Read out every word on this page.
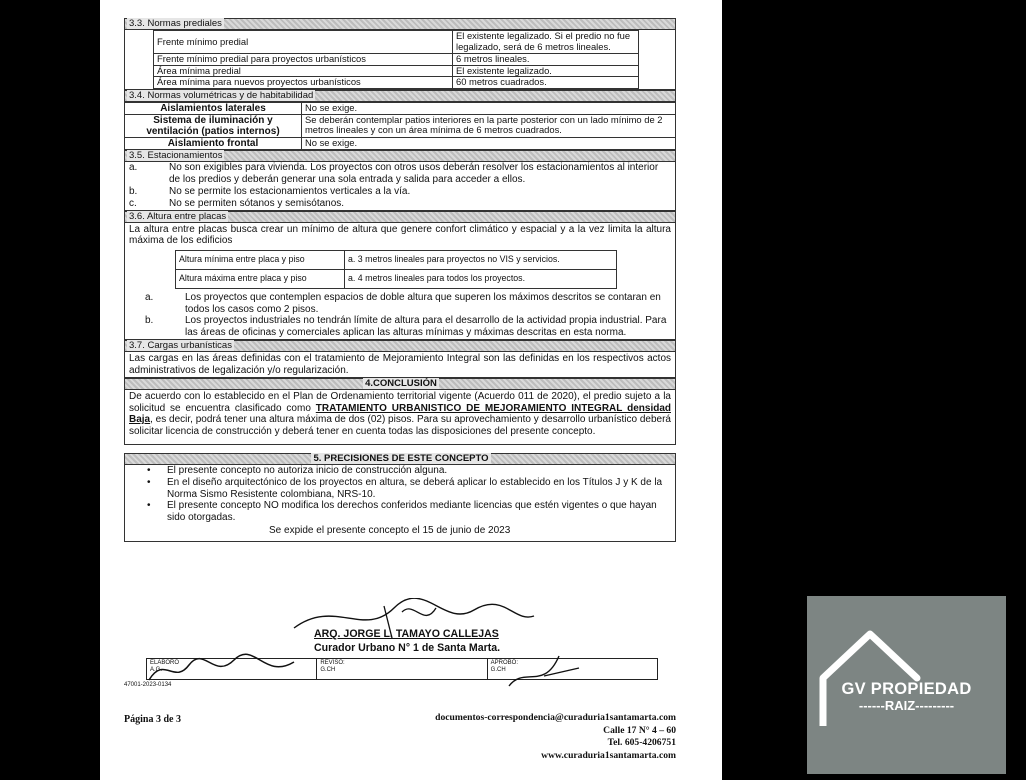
3.3. Normas prediales
Frente mínimo predial	El existente legalizado. Si el predio no fue legalizado, será de 6 metros lineales.
Frente mínimo predial para proyectos urbanísticos	6 metros lineales.
Área mínima predial	El existente legalizado.
Área mínima para nuevos proyectos urbanísticos	60 metros cuadrados.
3.4. Normas volumétricas y de habitabilidad
Aislamientos laterales	No se exige.
Sistema de iluminación y ventilación (patios internos)	Se deberán contemplar patios interiores en la parte posterior con un lado mínimo de 2 metros lineales y con un área mínima de 6 metros cuadrados.
Aislamiento frontal	No se exige.
3.5. Estacionamientos
a.	No son exigibles para vivienda. Los proyectos con otros usos deberán resolver los estacionamientos al interior de los predios y deberán generar una sola entrada y salida para acceder a ellos.
b.	No se permite los estacionamientos verticales a la vía.
c.	No se permiten sótanos y semisótanos.
3.6. Altura entre placas
La altura entre placas busca crear un mínimo de altura que genere confort climático y espacial y a la vez limita la altura máxima de los edificios
Altura mínima entre placa y piso	a. 3 metros lineales para proyectos no VIS y servicios.
Altura máxima entre placa y piso	a. 4 metros lineales para todos los proyectos.
a.	Los proyectos que contemplen espacios de doble altura que superen los máximos descritos se contaran en todos los casos como 2 pisos.
b.	Los proyectos industriales no tendrán límite de altura para el desarrollo de la actividad propia industrial. Para las áreas de oficinas y comerciales aplican las alturas mínimas y máximas descritas en esta norma.
3.7. Cargas urbanísticas
Las cargas en las áreas definidas con el tratamiento de Mejoramiento Integral son las definidas en los respectivos actos administrativos de legalización y/o regularización.
4.CONCLUSIÓN
De acuerdo con lo establecido en el Plan de Ordenamiento territorial vigente (Acuerdo 011 de 2020), el predio sujeto a la solicitud se encuentra clasificado como TRATAMIENTO URBANISTICO DE MEJORAMIENTO INTEGRAL densidad Baja, es decir, podrá tener una altura máxima de dos (02) pisos. Para su aprovechamiento y desarrollo urbanístico deberá solicitar licencia de construcción y deberá tener en cuenta todas las disposiciones del presente concepto.
5. PRECISIONES DE ESTE CONCEPTO
•	El presente concepto no autoriza inicio de construcción alguna.
•	En el diseño arquitectónico de los proyectos en altura, se deberá aplicar lo establecido en los Títulos J y K de la Norma Sismo Resistente colombiana, NRS-10.
•	El presente concepto NO modifica los derechos conferidos mediante licencias que estén vigentes o que hayan sido otorgadas.
Se expide el presente concepto el 15 de junio de 2023
ARQ. JORGE L. TAMAYO CALLEJAS
Curador Urbano N° 1 de Santa Marta.
ELABORÓ
A.G.
REVISO:
G.CH
APROBÓ:
G.CH
47001-2023-0134
Página 3 de 3	documentos-correspondencia@curaduria1santamarta.com
Calle 17 N° 4 – 60
Tel. 605-4206751
www.curaduria1santamarta.com
GV PROPIEDAD
------RAIZ---------
